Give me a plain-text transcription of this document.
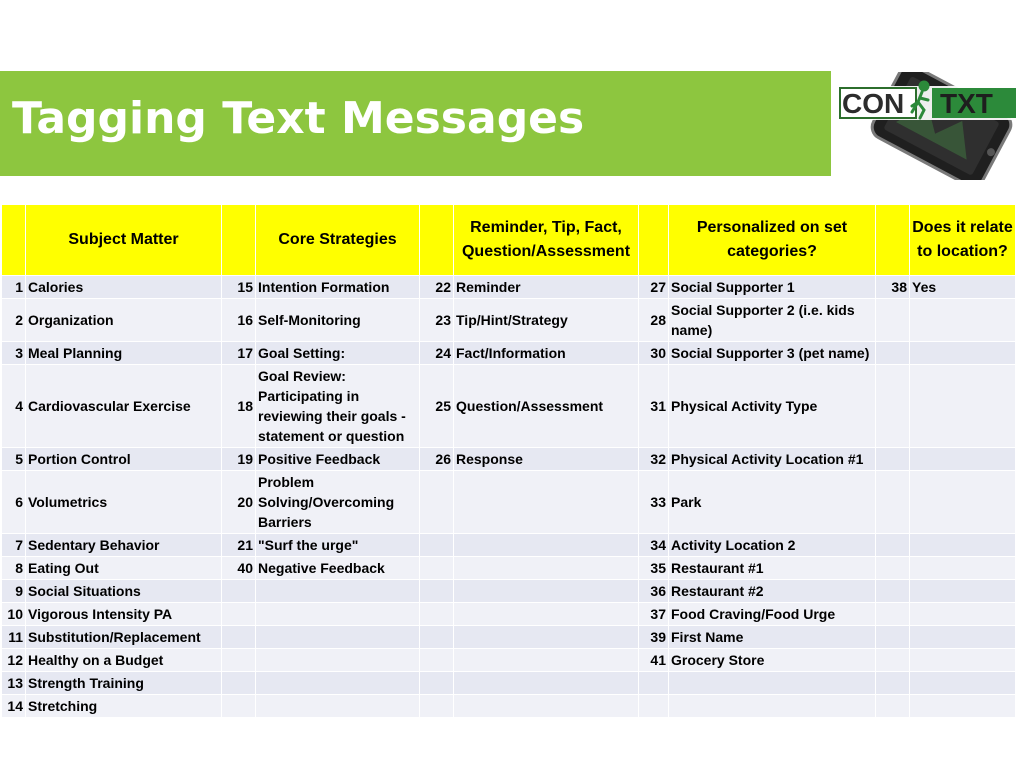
Tagging Text Messages	CON TXT
	Subject Matter		Core Strategies		Reminder, Tip, Fact, Question/Assessment		Personalized on set categories?		Does it relate to location?
1	Calories	15	Intention Formation	22	Reminder	27	Social Supporter 1	38	Yes
2	Organization	16	Self-Monitoring	23	Tip/Hint/Strategy	28	Social Supporter 2 (i.e. kids name)		
3	Meal Planning	17	Goal Setting:	24	Fact/Information	30	Social Supporter 3 (pet name)		
4	Cardiovascular Exercise	18	Goal Review: Participating in reviewing their goals - statement or question	25	Question/Assessment	31	Physical Activity Type		
5	Portion Control	19	Positive Feedback	26	Response	32	Physical Activity Location #1		
6	Volumetrics	20	Problem Solving/Overcoming Barriers			33	Park		
7	Sedentary Behavior	21	"Surf the urge"			34	Activity Location 2		
8	Eating Out	40	Negative Feedback			35	Restaurant #1		
9	Social Situations					36	Restaurant #2		
10	Vigorous Intensity PA					37	Food Craving/Food Urge		
11	Substitution/Replacement					39	First Name		
12	Healthy on a Budget					41	Grocery Store		
13	Strength Training								
14	Stretching								
